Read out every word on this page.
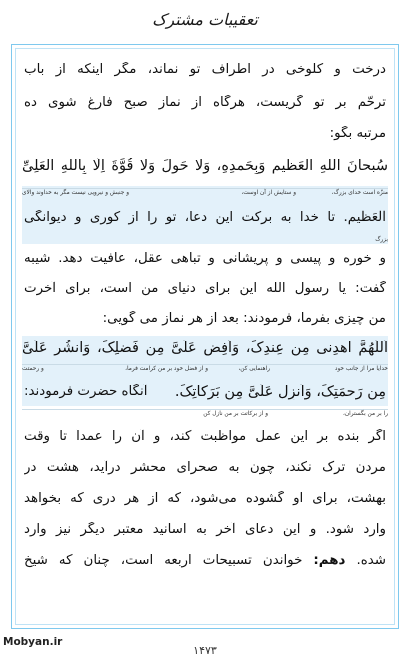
تعقیبات مشترک
درخت و کلوخی در اطراف تو نماند، مگر اینکه از باب
ترحّم بر تو گریست، هرگاه از نماز صبح فارغ شوی ده
مرتبه بگو:
سُبحانَ اللهِ العَظیمِ وَبِحَمدِهِ، وَلا حَولَ وَلا قُوَّةَ اِلّا بِاللهِ العَلِیِّ
منزّه است خدای بزرگ،
و ستایش از آن اوست،
و جنبش و نیرویی نیست مگر به خداوند والای
العَظیمِ. تا خدا به برکت این دعا، تو را از کوری و دیوانگی
بزرگ
و خوره و پیسی و پریشانی و تباهی عقل، عافیت دهد. شیبه
گفت: یا رسول الله این برای دنیای من است، برای آخرت
من چیزی بفرما، فرمودند: بعد از هر نماز می گویی:
اَللّهُمَّ اهدِنی مِن عِندِکَ، وَاَفِض عَلَیَّ مِن فَضلِکَ، وَانشُر عَلَیَّ
خدایا مرا از جانب خود
راهنمایی کن،
و از فضل خود بر من کرامت فرما،
و رحمتت
مِن رَحمَتِکَ، وَاَنزِل عَلَیَّ مِن بَرَکاتِکَ.
آنگاه حضرت فرمودند:
را بر من بگستران،
و از برکاتت بر من نازل کن
اگر بنده بر این عمل مواظبت کند، و آن را عمداً تا وقت
مردن ترک نکند، چون به صحرای محشر درآید، هشت در
بهشت، برای او گشوده می‌شود، که از هر دری که بخواهد
وارد شود. و این دعای آخر به اسانید معتبر دیگر نیز وارد
شده. دهم: خواندن تسبیحات اربعه است، چنان که شیخ
Mobyan.ir
۱۴۷۳
